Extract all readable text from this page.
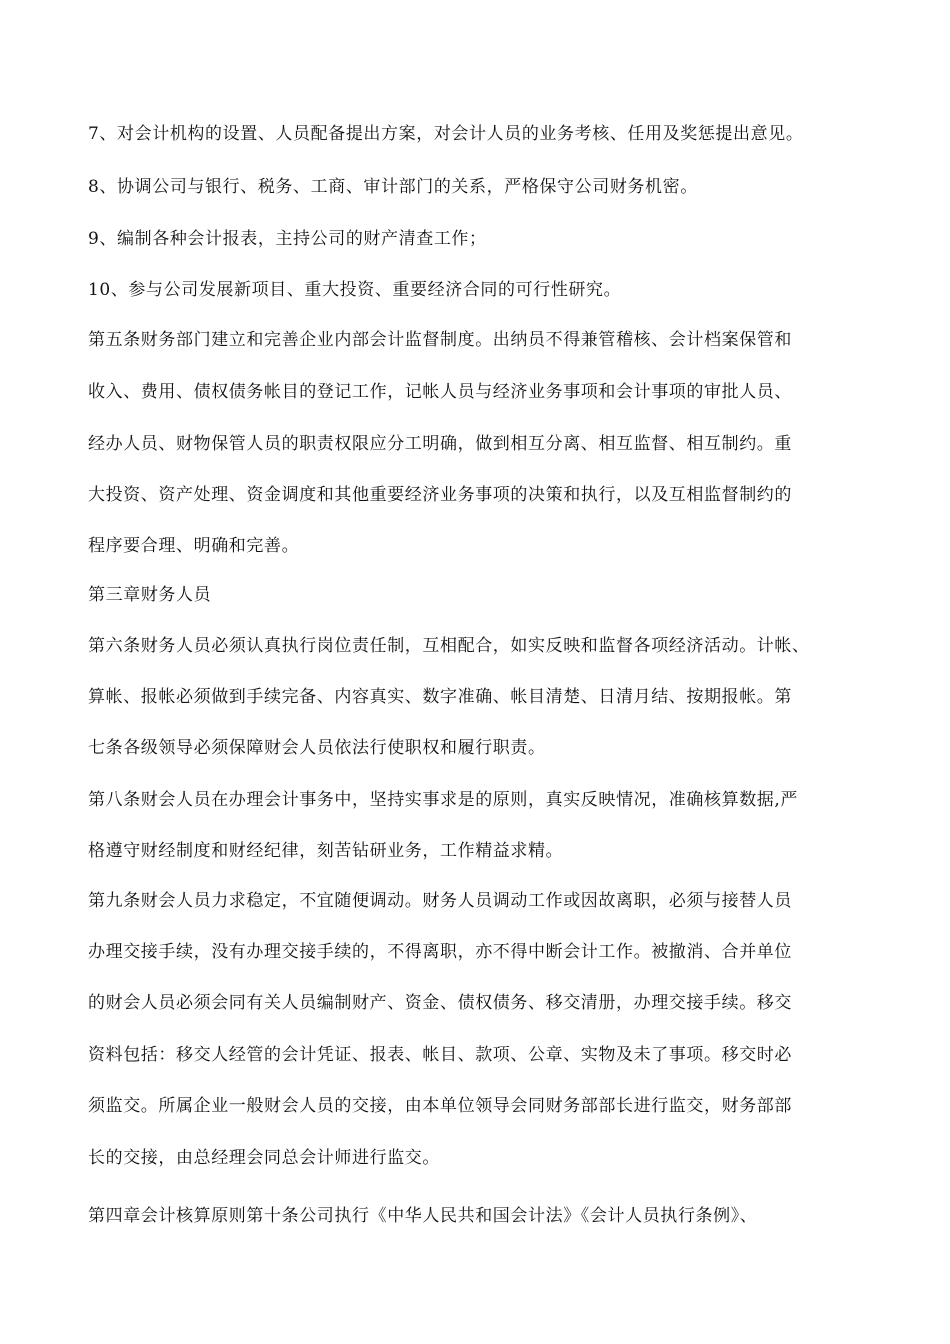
7、对会计机构的设置、人员配备提出方案，对会计人员的业务考核、任用及奖惩提出意见。
8、协调公司与银行、税务、工商、审计部门的关系，严格保守公司财务机密。
9、编制各种会计报表，主持公司的财产清查工作；
10、参与公司发展新项目、重大投资、重要经济合同的可行性研究。
第五条财务部门建立和完善企业内部会计监督制度。出纳员不得兼管稽核、会计档案保管和
收入、费用、债权债务帐目的登记工作，记帐人员与经济业务事项和会计事项的审批人员、
经办人员、财物保管人员的职责权限应分工明确，做到相互分离、相互监督、相互制约。重
大投资、资产处理、资金调度和其他重要经济业务事项的决策和执行，以及互相监督制约的
程序要合理、明确和完善。
第三章财务人员
第六条财务人员必须认真执行岗位责任制，互相配合，如实反映和监督各项经济活动。计帐、
算帐、报帐必须做到手续完备、内容真实、数字准确、帐目清楚、日清月结、按期报帐。第
七条各级领导必须保障财会人员依法行使职权和履行职责。
第八条财会人员在办理会计事务中，坚持实事求是的原则，真实反映情况，准确核算数据,严
格遵守财经制度和财经纪律，刻苦钻研业务，工作精益求精。
第九条财会人员力求稳定，不宜随便调动。财务人员调动工作或因故离职，必须与接替人员
办理交接手续，没有办理交接手续的，不得离职，亦不得中断会计工作。被撤消、合并单位
的财会人员必须会同有关人员编制财产、资金、债权债务、移交清册，办理交接手续。移交
资料包括：移交人经管的会计凭证、报表、帐目、款项、公章、实物及未了事项。移交时必
须监交。所属企业一般财会人员的交接，由本单位领导会同财务部部长进行监交，财务部部
长的交接，由总经理会同总会计师进行监交。
第四章会计核算原则第十条公司执行《中华人民共和国会计法》《会计人员执行条例》、
